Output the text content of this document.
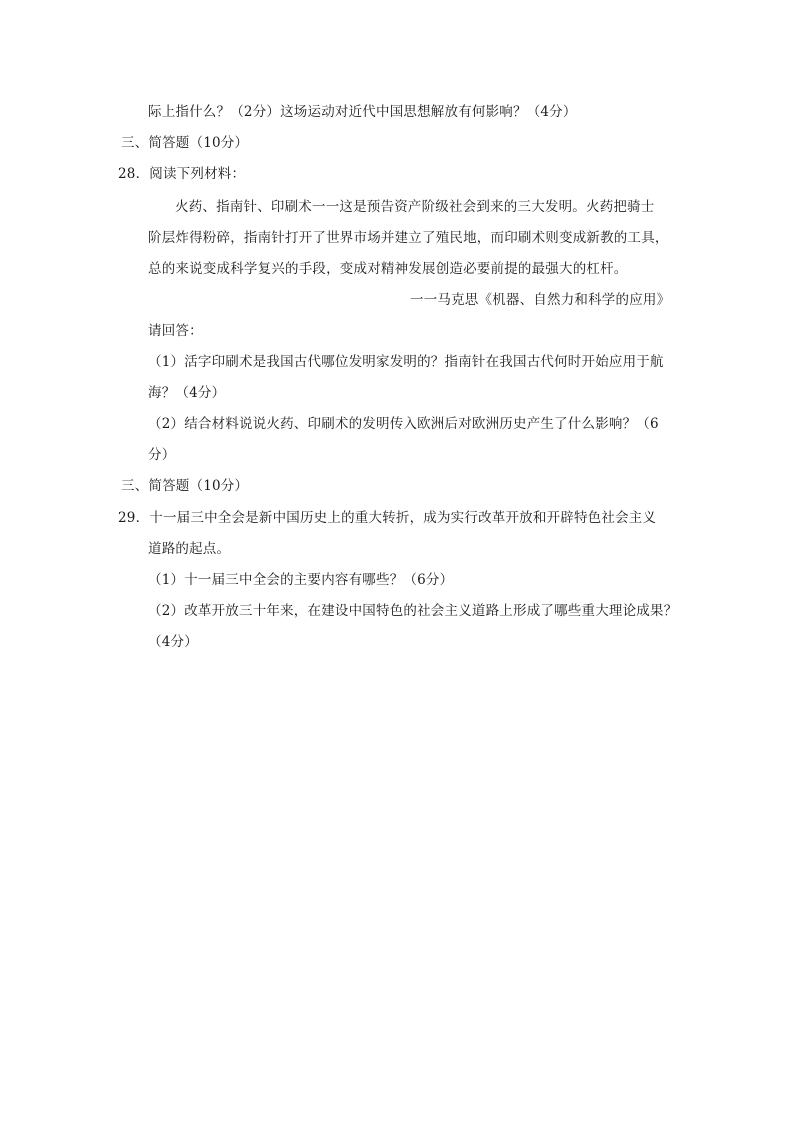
际上指什么？（2分）这场运动对近代中国思想解放有何影响？（4分）
三、简答题（10分）
28．阅读下列材料：
火药、指南针、印刷术一一这是预告资产阶级社会到来的三大发明。火药把骑士
阶层炸得粉碎，指南针打开了世界市场并建立了殖民地，而印刷术则变成新教的工具，
总的来说变成科学复兴的手段，变成对精神发展创造必要前提的最强大的杠杆。
一一马克思《机器、自然力和科学的应用》
请回答：
（1）活字印刷术是我国古代哪位发明家发明的？指南针在我国古代何时开始应用于航
海？（4分）
（2）结合材料说说火药、印刷术的发明传入欧洲后对欧洲历史产生了什么影响？（6
分）
三、简答题（10分）
29．十一届三中全会是新中国历史上的重大转折，成为实行改革开放和开辟特色社会主义
道路的起点。
（1）十一届三中全会的主要内容有哪些？（6分）
（2）改革开放三十年来，在建设中国特色的社会主义道路上形成了哪些重大理论成果？
（4分）
